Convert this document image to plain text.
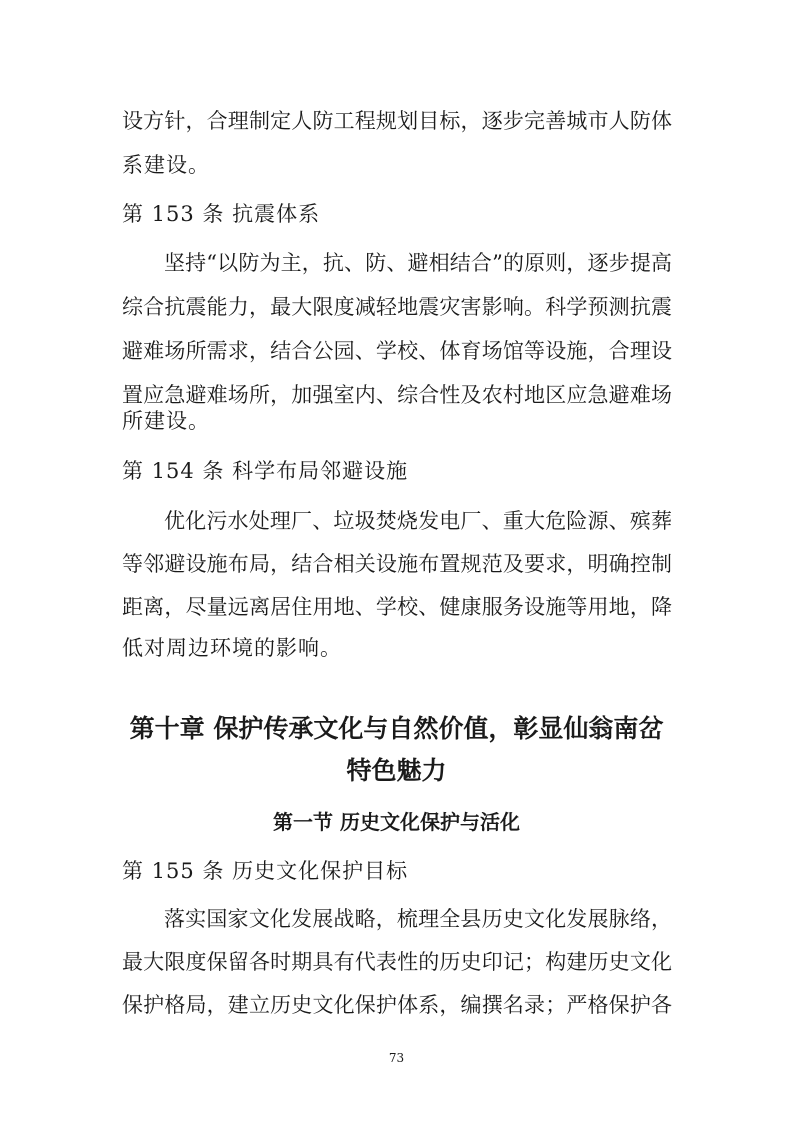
设方针，合理制定人防工程规划目标，逐步完善城市人防体
系建设。
第 153 条 抗震体系
坚持“以防为主，抗、防、避相结合”的原则，逐步提高
综合抗震能力，最大限度减轻地震灾害影响。科学预测抗震
避难场所需求，结合公园、学校、体育场馆等设施，合理设
置应急避难场所，加强室内、综合性及农村地区应急避难场
所建设。
第 154 条 科学布局邻避设施
优化污水处理厂、垃圾焚烧发电厂、重大危险源、殡葬
等邻避设施布局，结合相关设施布置规范及要求，明确控制
距离，尽量远离居住用地、学校、健康服务设施等用地，降
低对周边环境的影响。
第十章 保护传承文化与自然价值，彰显仙翁南岔
特色魅力
第一节 历史文化保护与活化
第 155 条 历史文化保护目标
落实国家文化发展战略，梳理全县历史文化发展脉络，
最大限度保留各时期具有代表性的历史印记；构建历史文化
保护格局，建立历史文化保护体系，编撰名录；严格保护各
73
